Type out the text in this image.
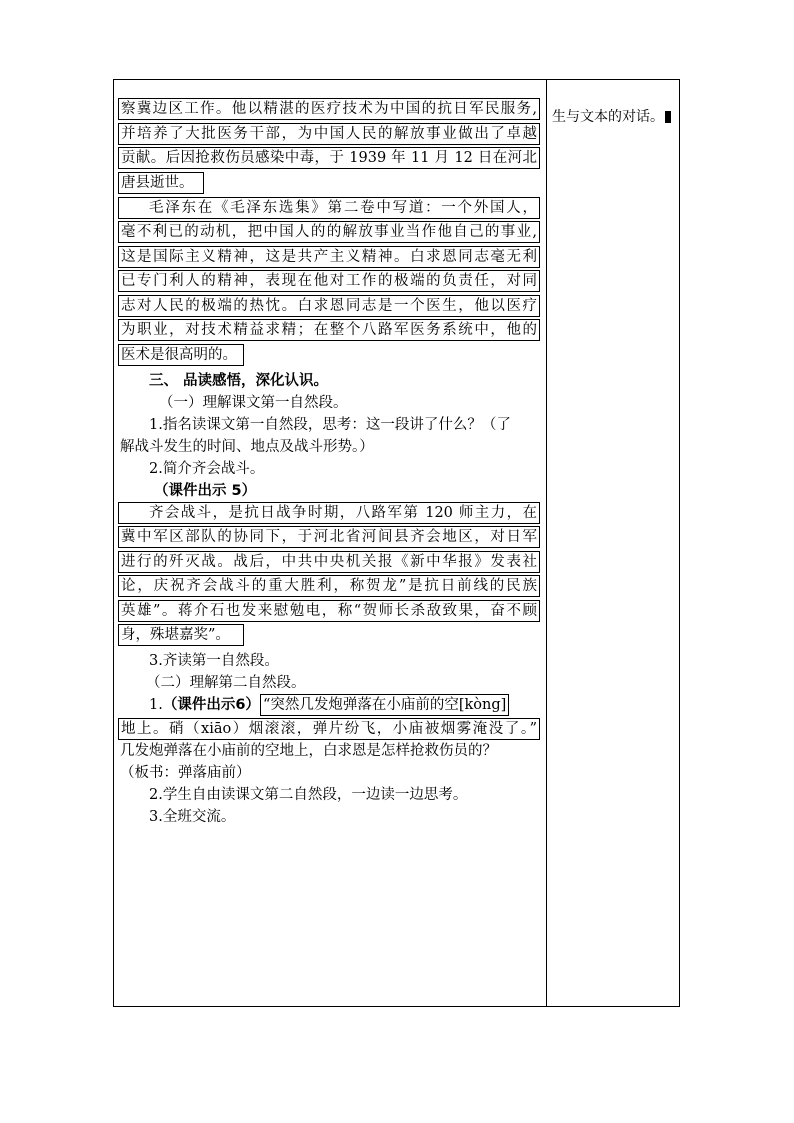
察冀边区工作。他以精湛的医疗技术为中国的抗日军民服务,
并培养了大批医务干部，为中国人民的解放事业做出了卓越
贡献。后因抢救伤员感染中毒，于 1939 年 11 月 12 日在河北
唐县逝世。
毛泽东在《毛泽东选集》第二卷中写道：一个外国人，
毫不利已的动机，把中国人的的解放事业当作他自己的事业,
这是国际主义精神，这是共产主义精神。白求恩同志毫无利
已专门利人的精神，表现在他对工作的极端的负责任，对同
志对人民的极端的热忱。白求恩同志是一个医生，他以医疗
为职业，对技术精益求精；在整个八路军医务系统中，他的
医术是很高明的。
三、 品读感悟，深化认识。
（一）理解课文第一自然段。
1.指名读课文第一自然段，思考：这一段讲了什么？（了
解战斗发生的时间、地点及战斗形势。）
2.简介齐会战斗。
（课件出示 5）
齐会战斗，是抗日战争时期，八路军第 120 师主力，在
冀中军区部队的协同下，于河北省河间县齐会地区，对日军
进行的歼灭战。战后，中共中央机关报《新中华报》发表社
论，庆祝齐会战斗的重大胜利，称贺龙”是抗日前线的民族
英雄”。蒋介石也发来慰勉电，称“贺师长杀敌致果，奋不顾
身，殊堪嘉奖”。
3.齐读第一自然段。
（二）理解第二自然段。
1.（课件出示6） “突然几发炮弹落在小庙前的空[kòng]
地上。硝（xiāo）烟滚滚，弹片纷飞，小庙被烟雾淹没了。”
几发炮弹落在小庙前的空地上，白求恩是怎样抢救伤员的？
（板书：弹落庙前）
2.学生自由读课文第二自然段，一边读一边思考。
3.全班交流。
生与文本的对话。
